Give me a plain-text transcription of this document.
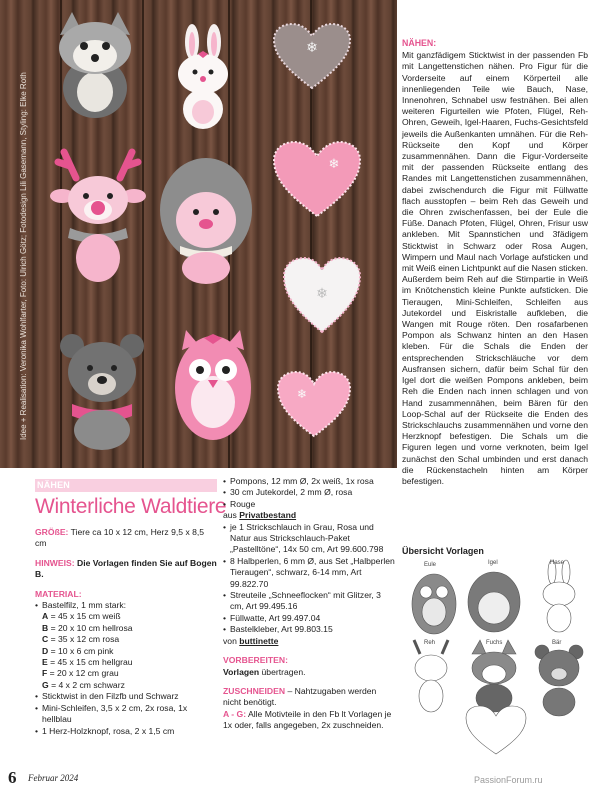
Idee + Realisation: Veronika Wohlfarter, Foto: Ulrich Götz; Fotodesign Lili Gasemann, Styling: Elke Roth
❄
❄
❄
❄
NÄHEN:
Mit ganzfädigem Sticktwist in der passenden Fb mit Langettenstichen nähen. Pro Figur für die Vorderseite auf einem Körperteil alle innenliegenden Teile wie Bauch, Nase, Innenohren, Schnabel usw festnähen. Bei allen weiteren Figurteilen wie Pfoten, Flügel, Reh-Ohren, Geweih, Igel-Haaren, Fuchs-Gesichtsfeld jeweils die Außenkanten umnähen. Für die Reh-Rückseite den Kopf und Körper zusammennähen. Dann die Figur-Vorderseite mit der passenden Rückseite entlang des Randes mit Langettenstichen zusammennähen, dabei zwischendurch die Figur mit Füllwatte flach ausstopfen – beim Reh das Geweih und die Ohren zwischenfassen, bei der Eule die Füße. Danach Pfoten, Flügel, Ohren, Frisur usw ankleben. Mit Spannstichen und 3fädigem Sticktwist in Schwarz oder Rosa Augen, Wimpern und Maul nach Vorlage aufsticken und mit Weiß einen Lichtpunkt auf die Nasen sticken. Außerdem beim Reh auf die Stirnpartie in Weiß im Knötchenstich kleine Punkte aufsticken. Die Tieraugen, Mini-Schleifen, Schleifen aus Jutekordel und Eiskristalle aufkleben, die Wangen mit Rouge röten. Den rosafarbenen Pompon als Schwanz hinten an den Hasen kleben. Für die Schals die Enden der entsprechenden Strickschläuche vor dem Ausfransen sichern, dafür beim Schal für den Igel dort die weißen Pompons ankleben, beim Reh die Enden nach innen schlagen und von Hand zusammennähen, beim Bären für den Loop-Schal auf der Rückseite die Enden des Strickschlauchs zusammennähen und vorne den Herzknopf befestigen. Die Schals um die Figuren legen und vorne verknoten, beim Igel zunächst den Schal umbinden und erst danach die Rückenstacheln hinten am Körper befestigen.
NÄHEN
Winterliche Waldtiere
GRÖßE: Tiere ca 10 x 12 cm, Herz 9,5 x 8,5 cm
HINWEIS: Die Vorlagen finden Sie auf Bogen B.
MATERIAL:
• Bastelfilz, 1 mm stark:
A = 45 x 15 cm weiß
B = 20 x 10 cm hellrosa
C = 35 x 12 cm rosa
D = 10 x 6 cm pink
E = 45 x 15 cm hellgrau
F = 20 x 12 cm grau
G = 4 x 2 cm schwarz
• Sticktwist in den Filzfb und Schwarz
• Mini-Schleifen, 3,5 x 2 cm, 2x rosa, 1x hellblau
• 1 Herz-Holzknopf, rosa, 2 x 1,5 cm
• Pompons, 12 mm Ø, 2x weiß, 1x rosa
• 30 cm Jutekordel, 2 mm Ø, rosa
• Rouge
aus Privatbestand
• je 1 Strickschlauch in Grau, Rosa und Natur aus Strickschlauch-Paket „Pastelltöne“, 14x 50 cm, Art 99.600.798
• 8 Halbperlen, 6 mm Ø, aus Set „Halbperlen Tieraugen“, schwarz, 6-14 mm, Art 99.822.70
• Streuteile „Schneeflocken“ mit Glitzer, 3 cm, Art 99.495.16
• Füllwatte, Art 99.497.04
• Bastelkleber, Art 99.803.15
von buttinette
VORBEREITEN:
Vorlagen übertragen.
ZUSCHNEIDEN – Nahtzugaben werden nicht benötigt.
A - G: Alle Motivteile in den Fb lt Vorlagen je 1x oder, falls angegeben, 2x zuschneiden.
Übersicht Vorlagen
Eule	Igel	Hase
Reh	Fuchs	Bär
6 Februar 2024	PassionForum.ru
